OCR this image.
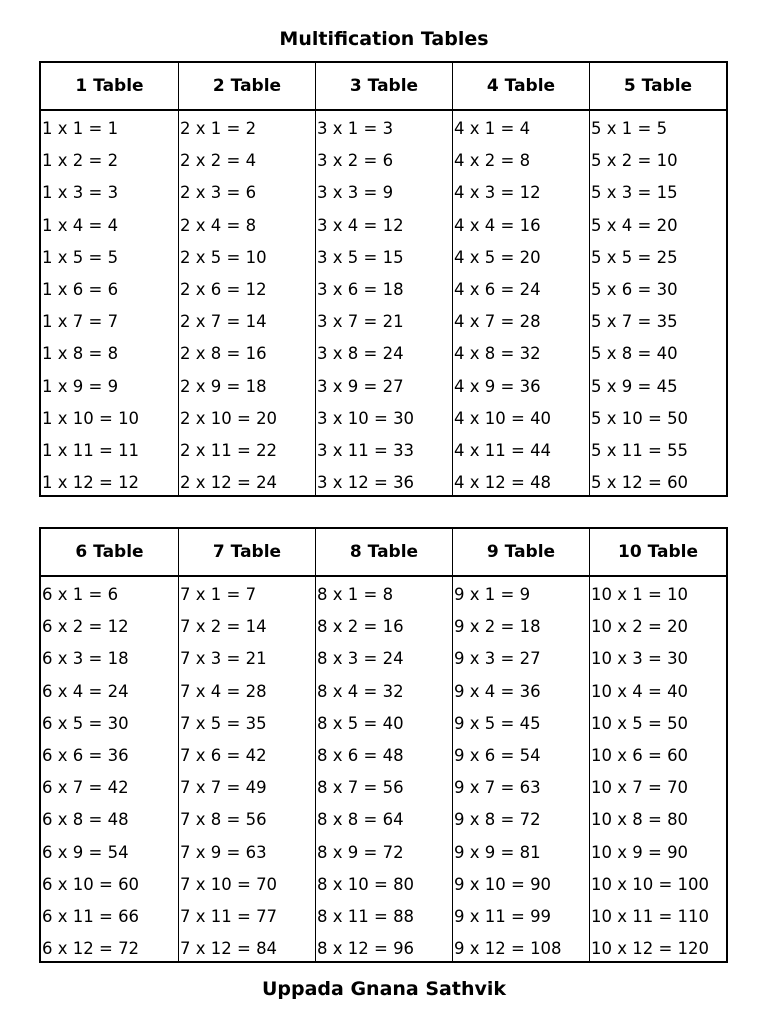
Multification Tables
1 Table
1 x 1 = 1
1 x 2 = 2
1 x 3 = 3
1 x 4 = 4
1 x 5 = 5
1 x 6 = 6
1 x 7 = 7
1 x 8 = 8
1 x 9 = 9
1 x 10 = 10
1 x 11 = 11
1 x 12 = 12
2 Table
2 x 1 = 2
2 x 2 = 4
2 x 3 = 6
2 x 4 = 8
2 x 5 = 10
2 x 6 = 12
2 x 7 = 14
2 x 8 = 16
2 x 9 = 18
2 x 10 = 20
2 x 11 = 22
2 x 12 = 24
3 Table
3 x 1 = 3
3 x 2 = 6
3 x 3 = 9
3 x 4 = 12
3 x 5 = 15
3 x 6 = 18
3 x 7 = 21
3 x 8 = 24
3 x 9 = 27
3 x 10 = 30
3 x 11 = 33
3 x 12 = 36
4 Table
4 x 1 = 4
4 x 2 = 8
4 x 3 = 12
4 x 4 = 16
4 x 5 = 20
4 x 6 = 24
4 x 7 = 28
4 x 8 = 32
4 x 9 = 36
4 x 10 = 40
4 x 11 = 44
4 x 12 = 48
5 Table
5 x 1 = 5
5 x 2 = 10
5 x 3 = 15
5 x 4 = 20
5 x 5 = 25
5 x 6 = 30
5 x 7 = 35
5 x 8 = 40
5 x 9 = 45
5 x 10 = 50
5 x 11 = 55
5 x 12 = 60
6 Table
6 x 1 = 6
6 x 2 = 12
6 x 3 = 18
6 x 4 = 24
6 x 5 = 30
6 x 6 = 36
6 x 7 = 42
6 x 8 = 48
6 x 9 = 54
6 x 10 = 60
6 x 11 = 66
6 x 12 = 72
7 Table
7 x 1 = 7
7 x 2 = 14
7 x 3 = 21
7 x 4 = 28
7 x 5 = 35
7 x 6 = 42
7 x 7 = 49
7 x 8 = 56
7 x 9 = 63
7 x 10 = 70
7 x 11 = 77
7 x 12 = 84
8 Table
8 x 1 = 8
8 x 2 = 16
8 x 3 = 24
8 x 4 = 32
8 x 5 = 40
8 x 6 = 48
8 x 7 = 56
8 x 8 = 64
8 x 9 = 72
8 x 10 = 80
8 x 11 = 88
8 x 12 = 96
9 Table
9 x 1 = 9
9 x 2 = 18
9 x 3 = 27
9 x 4 = 36
9 x 5 = 45
9 x 6 = 54
9 x 7 = 63
9 x 8 = 72
9 x 9 = 81
9 x 10 = 90
9 x 11 = 99
9 x 12 = 108
10 Table
10 x 1 = 10
10 x 2 = 20
10 x 3 = 30
10 x 4 = 40
10 x 5 = 50
10 x 6 = 60
10 x 7 = 70
10 x 8 = 80
10 x 9 = 90
10 x 10 = 100
10 x 11 = 110
10 x 12 = 120
Uppada Gnana Sathvik
